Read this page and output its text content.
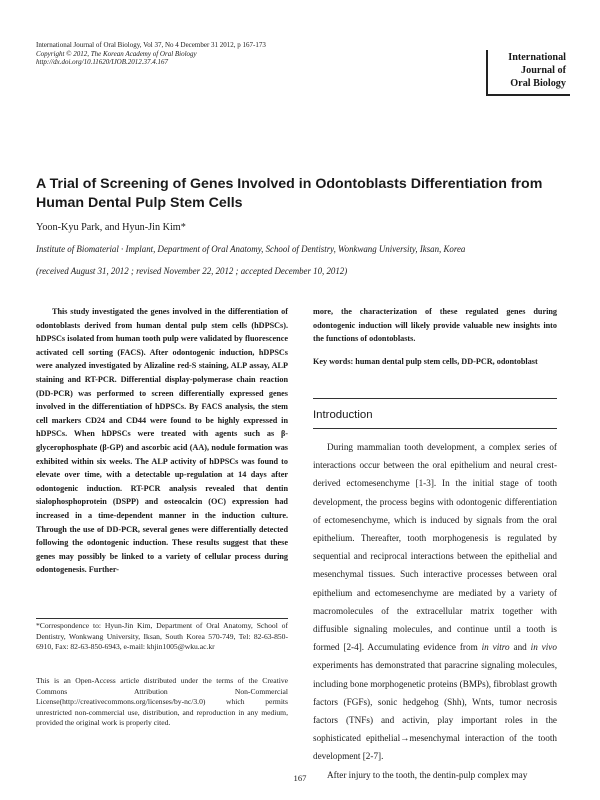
International Journal of Oral Biology, Vol 37, No 4 December 31 2012, p 167-173
Copyright © 2012, The Korean Academy of Oral Biology
http://dx.doi.org/10.11620/IJOB.2012.37.4.167	International
Journal of
Oral Biology
A Trial of Screening of Genes Involved in Odontoblasts Differentiation from
Human Dental Pulp Stem Cells
Yoon-Kyu Park, and Hyun-Jin Kim*
Institute of Biomaterial · Implant, Department of Oral Anatomy, School of Dentistry, Wonkwang University, Iksan, Korea
(received August 31, 2012 ; revised November 22, 2012 ; accepted December 10, 2012)
This study investigated the genes involved in the differentiation of odontoblasts derived from human dental pulp stem cells (hDPSCs). hDPSCs isolated from human tooth pulp were validated by fluorescence activated cell sorting (FACS). After odontogenic induction, hDPSCs were analyzed investigated by Alizaline red-S staining, ALP assay, ALP staining and RT-PCR. Differential display-polymerase chain reaction (DD-PCR) was performed to screen differentially expressed genes involved in the differentiation of hDPSCs. By FACS analysis, the stem cell markers CD24 and CD44 were found to be highly expressed in hDPSCs. When hDPSCs were treated with agents such as β-glycerophosphate (β-GP) and ascorbic acid (AA), nodule formation was exhibited within six weeks. The ALP activity of hDPSCs was found to elevate over time, with a detectable up-regulation at 14 days after odontogenic induction. RT-PCR analysis revealed that dentin sialophosphoprotein (DSPP) and osteocalcin (OC) expression had increased in a time-dependent manner in the induction culture. Through the use of DD-PCR, several genes were differentially detected following the odontogenic induction. These results suggest that these genes may possibly be linked to a variety of cellular process during odontogenesis. Further-
more, the characterization of these regulated genes during odontogenic induction will likely provide valuable new insights into the functions of odontoblasts.
Key words: human dental pulp stem cells, DD-PCR, odontoblast
*Correspondence to: Hyun-Jin Kim, Department of Oral Anatomy, School of Dentistry, Wonkwang University, Iksan, South Korea 570-749, Tel: 82-63-850-6910, Fax: 82-63-850-6943, e-mail: khjin1005@wku.ac.kr
This is an Open-Access article distributed under the terms of the Creative Commons Attribution Non-Commercial License(http://creativecommons.org/licenses/by-nc/3.0) which permits unrestricted non-commercial use, distribution, and reproduction in any medium, provided the original work is properly cited.
Introduction

During mammalian tooth development, a complex series of interactions occur between the oral epithelium and neural crest-derived ectomesenchyme [1-3]. In the initial stage of tooth development, the process begins with odontogenic differentiation of ectomesenchyme, which is induced by signals from the oral epithelium. Thereafter, tooth morphogenesis is regulated by sequential and reciprocal interactions between the epithelial and mesenchymal tissues. Such interactive processes between oral epithelium and ectomesenchyme are mediated by a variety of macromolecules of the extracellular matrix together with diffusible signaling molecules, and continue until a tooth is formed [2-4]. Accumulating evidence from in vitro and in vivo experiments has demonstrated that paracrine signaling molecules, including bone morphogenetic proteins (BMPs), fibroblast growth factors (FGFs), sonic hedgehog (Shh), Wnts, tumor necrosis factors (TNFs) and activin, play important roles in the sophisticated epithelial→mesenchymal interaction of the tooth development [2-7].

After injury to the tooth, the dentin-pulp complex may

167
